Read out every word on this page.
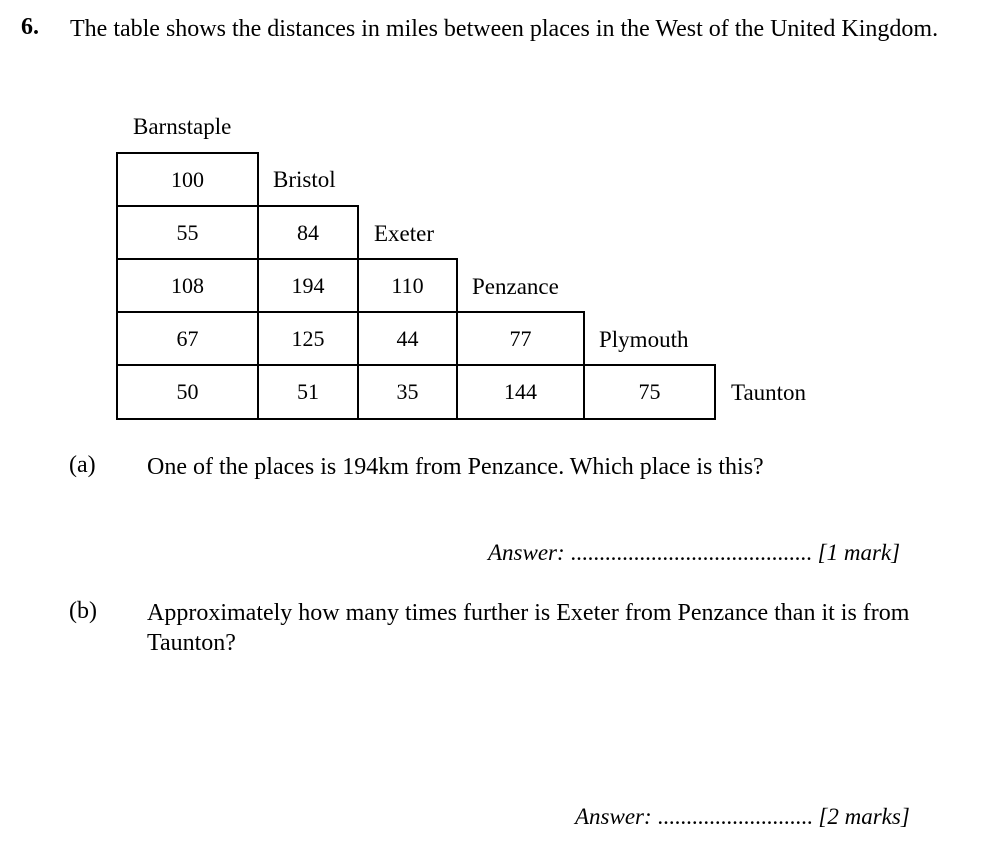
6. The table shows the distances in miles between places in the West of the United Kingdom.
Barnstaple
100	Bristol
55	84	Exeter
108	194	110	Penzance
67	125	44	77	Plymouth
50	51	35	144	75	Taunton
(a) One of the places is 194km from Penzance. Which place is this?
Answer: .......................................... [1 mark]
(b) Approximately how many times further is Exeter from Penzance than it is from Taunton?
Answer: ........................... [2 marks]
